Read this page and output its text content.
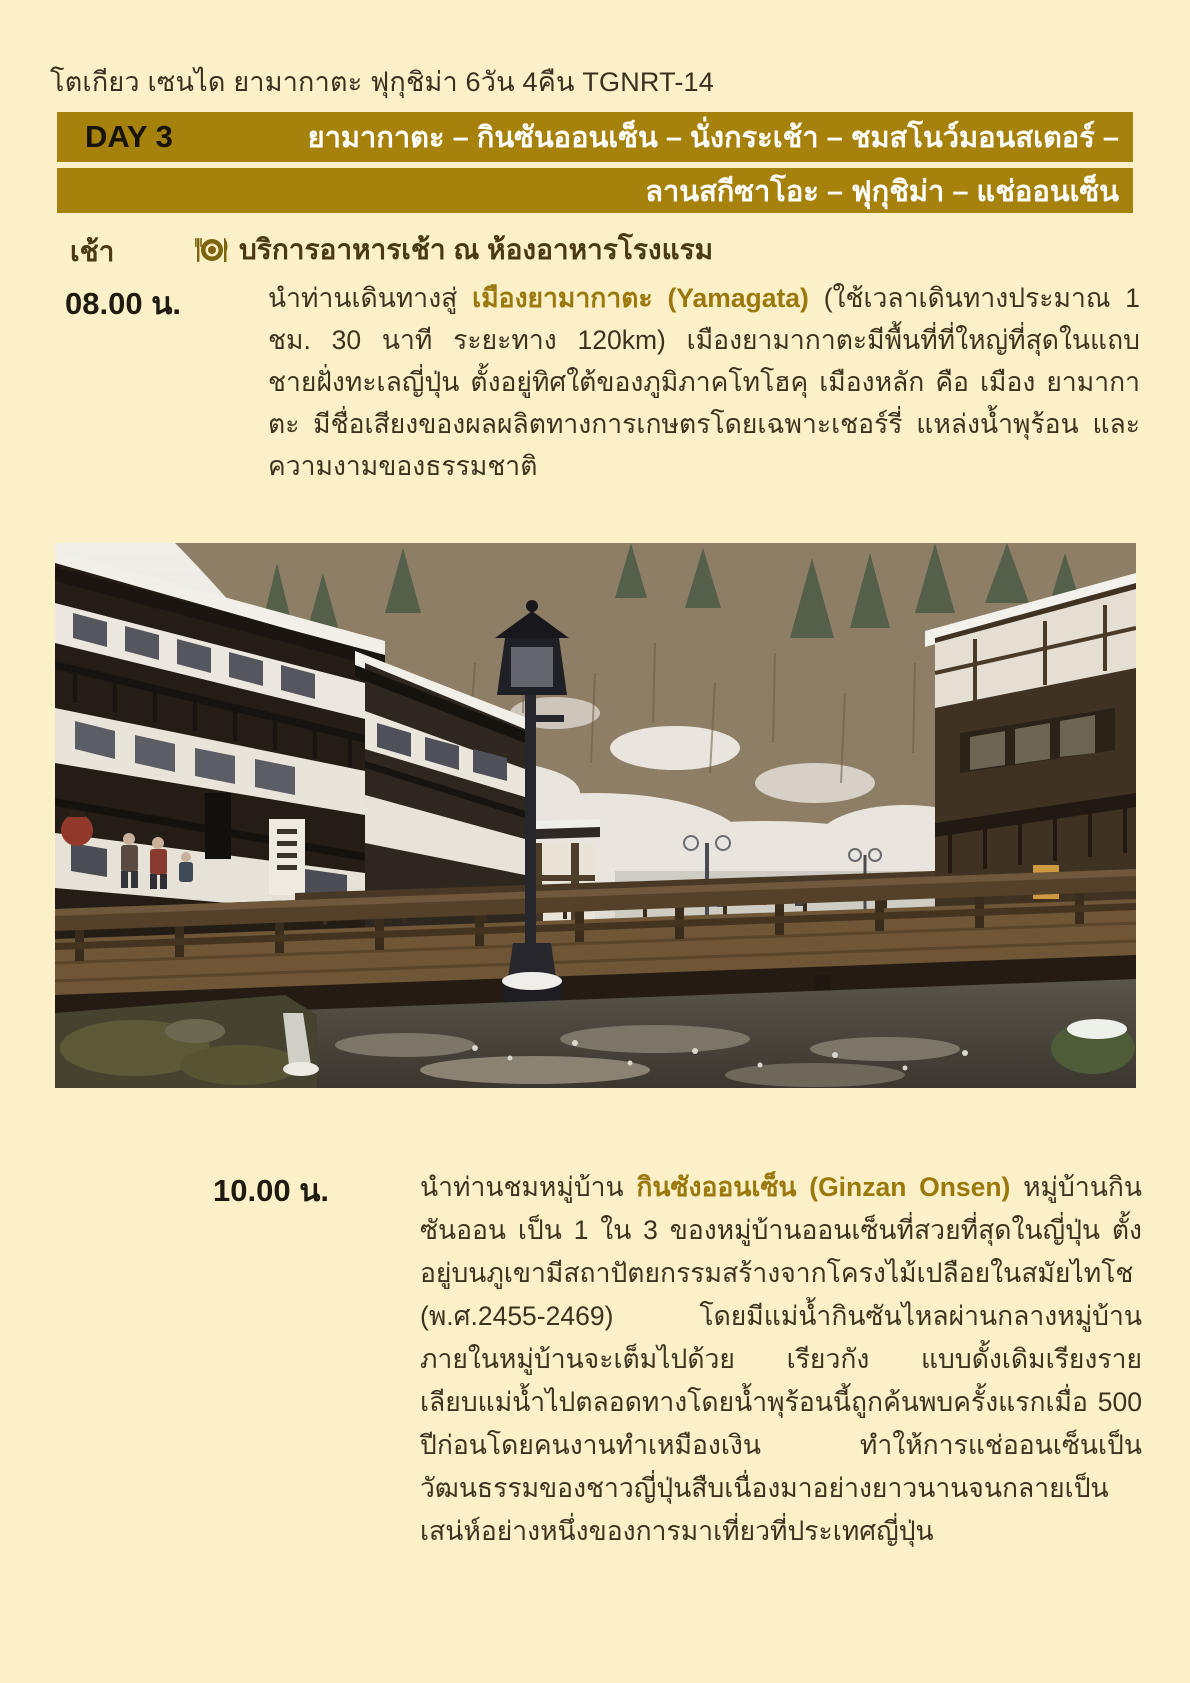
โตเกียว เซนได ยามากาตะ ฟุกุชิม่า 6วัน 4คืน TGNRT-14
DAY 3	ยามากาตะ – กินซันออนเซ็น – นั่งกระเช้า – ชมสโนว์มอนสเตอร์ –
ลานสกีซาโอะ – ฟุกุชิม่า – แช่ออนเซ็น
เช้า	บริการอาหารเช้า ณ ห้องอาหารโรงแรม
08.00 น.	นำท่านเดินทางสู่ เมืองยามากาตะ (Yamagata) (ใช้เวลาเดินทางประมาณ 1 ชม. 30 นาที ระยะทาง 120km) เมืองยามากาตะมีพื้นที่ที่ใหญ่ที่สุดในแถบชายฝั่งทะเลญี่ปุ่น ตั้งอยู่ทิศใต้ของภูมิภาคโทโฮคุ เมืองหลัก คือ เมือง ยามากาตะ มีชื่อเสียงของผลผลิตทางการเกษตรโดยเฉพาะเชอร์รี่ แหล่งน้ำพุร้อน และความงามของธรรมชาติ
10.00 น.	นำท่านชมหมู่บ้าน กินซังออนเซ็น (Ginzan Onsen) หมู่บ้านกินซันออน เป็น 1 ใน 3 ของหมู่บ้านออนเซ็นที่สวยที่สุดในญี่ปุ่น ตั้งอยู่บนภูเขามีสถาปัตยกรรมสร้างจากโครงไม้เปลือยในสมัยไทโช (พ.ศ.2455-2469) โดยมีแม่น้ำกินซันไหลผ่านกลางหมู่บ้าน ภายในหมู่บ้านจะเต็มไปด้วย เรียวกัง แบบดั้งเดิมเรียงรายเลียบแม่น้ำไปตลอดทางโดยน้ำพุร้อนนี้ถูกค้นพบครั้งแรกเมื่อ 500 ปีก่อนโดยคนงานทำเหมืองเงิน ทำให้การแช่ออนเซ็นเป็นวัฒนธรรมของชาวญี่ปุ่นสืบเนื่องมาอย่างยาวนานจนกลายเป็นเสน่ห์อย่างหนึ่งของการมาเที่ยวที่ประเทศญี่ปุ่น
